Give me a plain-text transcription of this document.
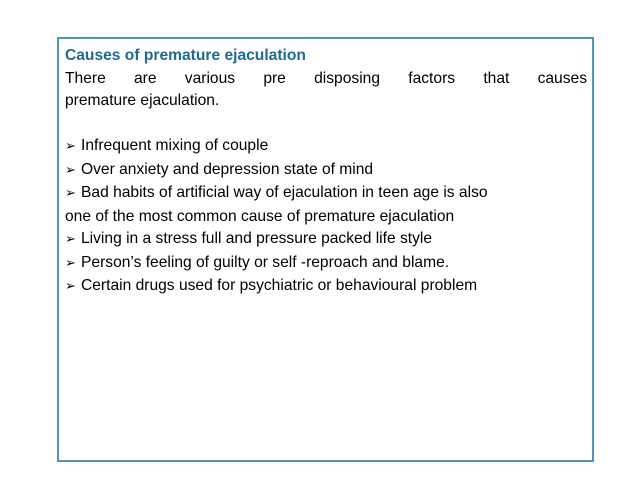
Causes of premature ejaculation

There are various pre disposing factors that causes
premature ejaculation.

➢ Infrequent mixing of couple
➢ Over anxiety and depression state of mind
➢ Bad habits of artificial way of ejaculation in teen age is also
one of the most common cause of premature ejaculation
➢ Living in a stress full and pressure packed life style
➢ Person’s feeling of guilty or self -reproach and blame.
➢ Certain drugs used for psychiatric or behavioural problem
